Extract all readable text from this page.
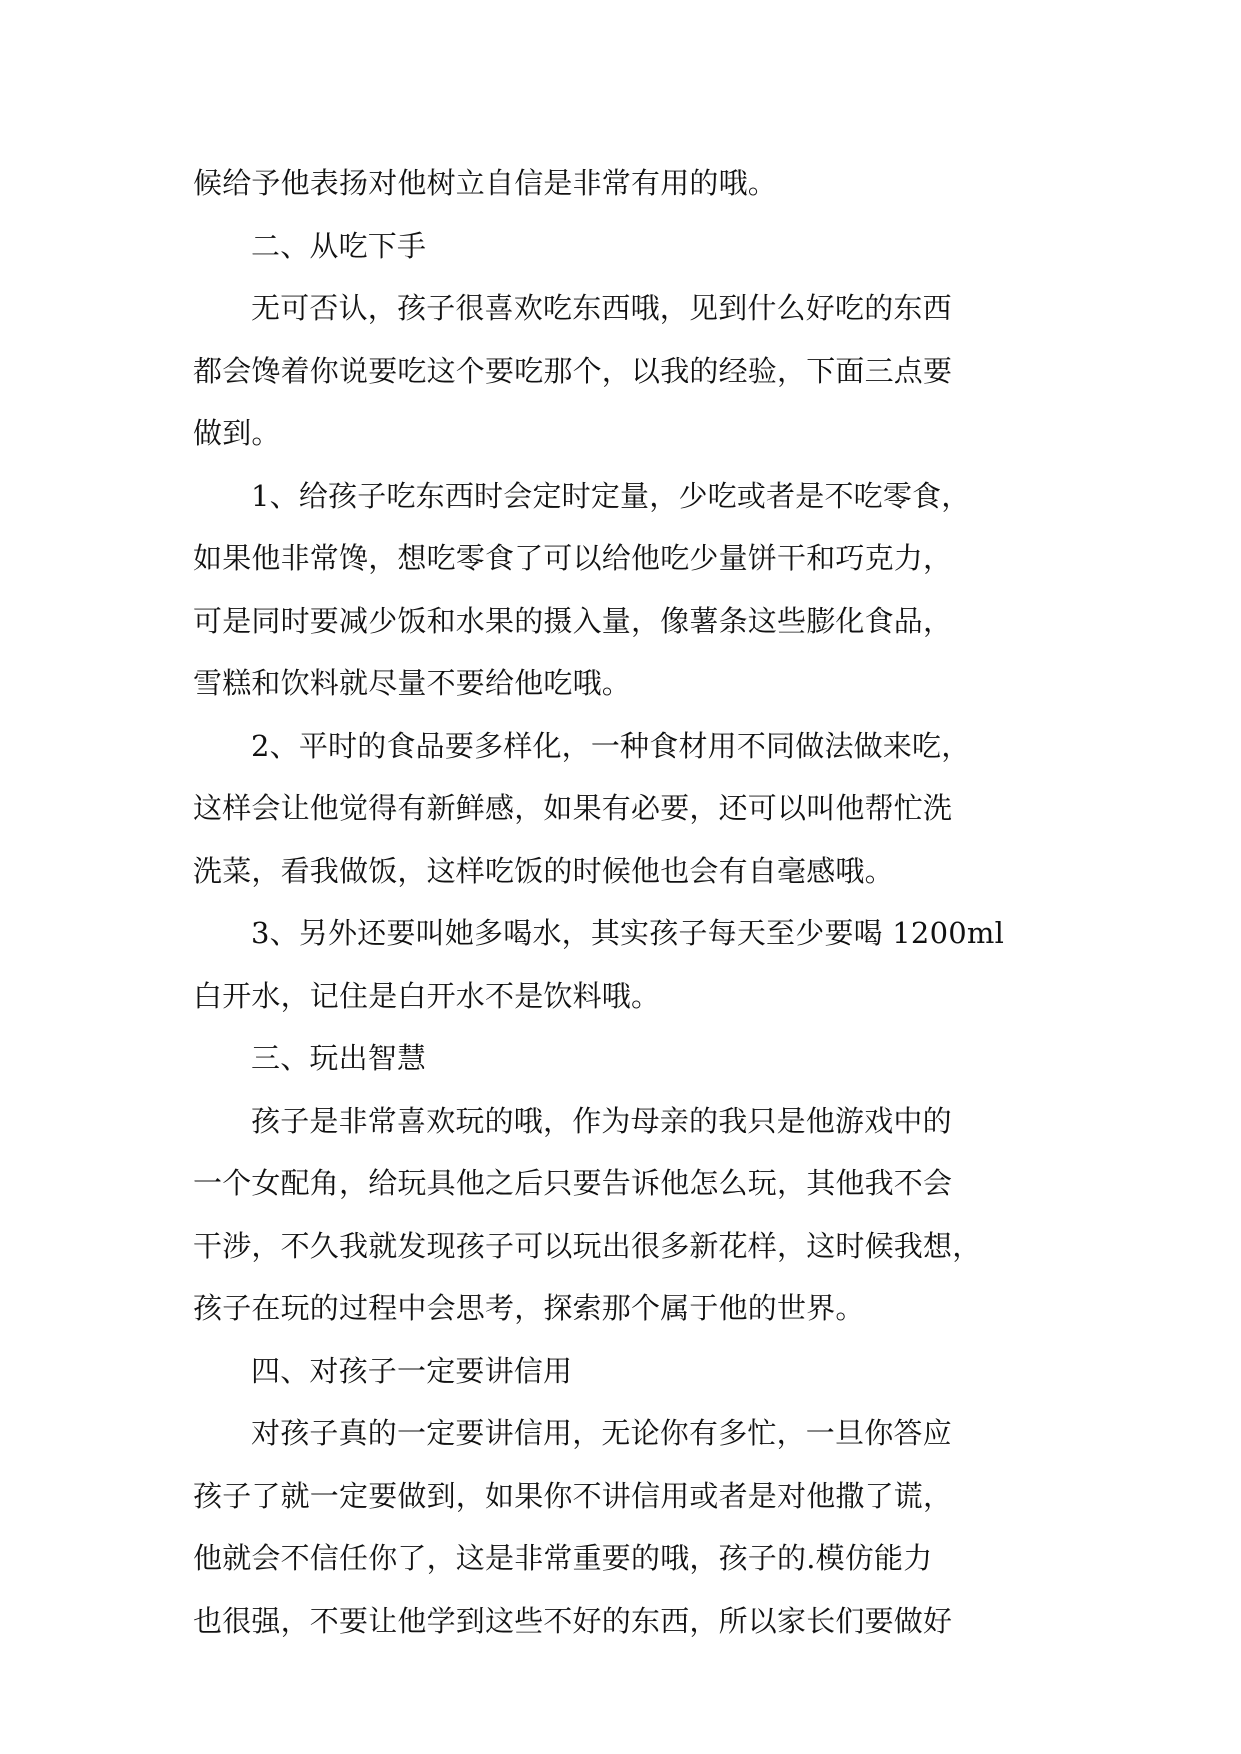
候给予他表扬对他树立自信是非常有用的哦。
二、从吃下手
无可否认，孩子很喜欢吃东西哦，见到什么好吃的东西
都会馋着你说要吃这个要吃那个，以我的经验，下面三点要
做到。
1、给孩子吃东西时会定时定量，少吃或者是不吃零食，
如果他非常馋，想吃零食了可以给他吃少量饼干和巧克力，
可是同时要减少饭和水果的摄入量，像薯条这些膨化食品，
雪糕和饮料就尽量不要给他吃哦。
2、平时的食品要多样化，一种食材用不同做法做来吃，
这样会让他觉得有新鲜感，如果有必要，还可以叫他帮忙洗
洗菜，看我做饭，这样吃饭的时候他也会有自毫感哦。
3、另外还要叫她多喝水，其实孩子每天至少要喝 1200ml
白开水，记住是白开水不是饮料哦。
三、玩出智慧
孩子是非常喜欢玩的哦，作为母亲的我只是他游戏中的
一个女配角，给玩具他之后只要告诉他怎么玩，其他我不会
干涉，不久我就发现孩子可以玩出很多新花样，这时候我想，
孩子在玩的过程中会思考，探索那个属于他的世界。
四、对孩子一定要讲信用
对孩子真的一定要讲信用，无论你有多忙，一旦你答应
孩子了就一定要做到，如果你不讲信用或者是对他撒了谎，
他就会不信任你了，这是非常重要的哦，孩子的.模仿能力
也很强，不要让他学到这些不好的东西，所以家长们要做好
